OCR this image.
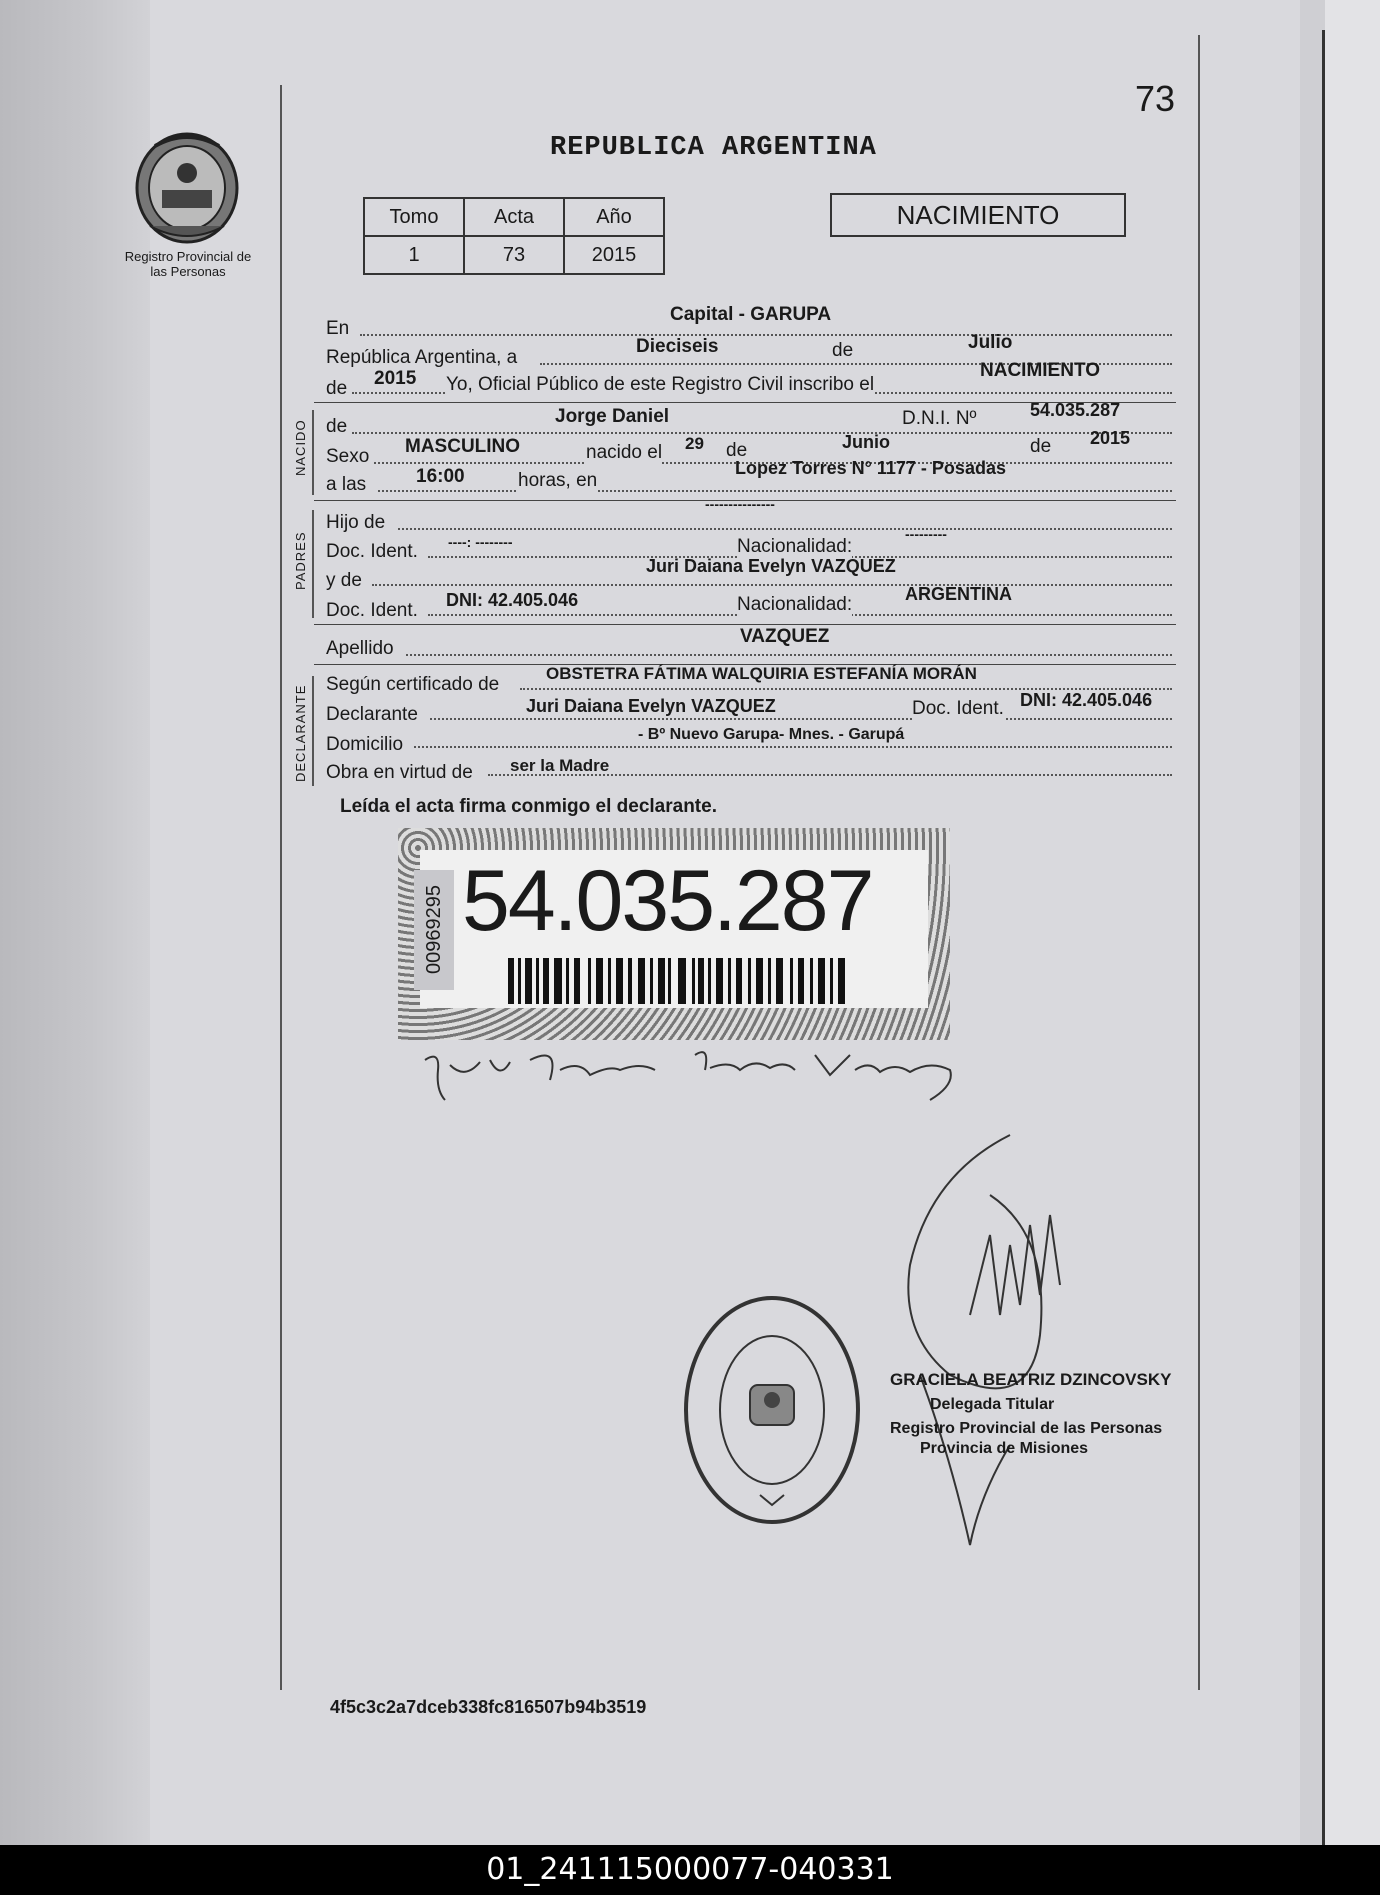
73
REPUBLICA ARGENTINA
Registro Provincial de las Personas
Tomo	Acta	Año
1	73	2015
NACIMIENTO
En
Capital - GARUPA
República Argentina, a
Dieciseis	de	Julio
de 2015 Yo, Oficial Público de este Registro Civil inscribo el
NACIMIENTO
NACIDO de	Jorge Daniel	D.N.I. Nº	54.035.287
Sexo MASCULINO	nacido el 29 de	Junio	de 2015
a las	16:00	horas, en
Lopez Torres N° 1177 - Posadas
PADRES
Hijo de
---------------
Doc. Ident. ----: --------	Nacionalidad:
---------
y de
Juri Daiana Evelyn VAZQUEZ
Doc. Ident. DNI: 42.405.046	Nacionalidad:	ARGENTINA
Apellido
VAZQUEZ
DECLARANTE
Según certificado de
OBSTETRA FÁTIMA WALQUIRIA ESTEFANÍA MORÁN
Declarante	Juri Daiana Evelyn VAZQUEZ	Doc. Ident. DNI: 42.405.046
Domicilio	- Bº Nuevo Garupa- Mnes. - Garupá
Obra en virtud de ser la Madre
Leída el acta firma conmigo el declarante.
00969295 54.035.287
GRACIELA BEATRIZ DZINCOVSKY
Delegada Titular
Registro Provincial de las Personas
Provincia de Misiones
4f5c3c2a7dceb338fc816507b94b3519
01_241115000077-040331
